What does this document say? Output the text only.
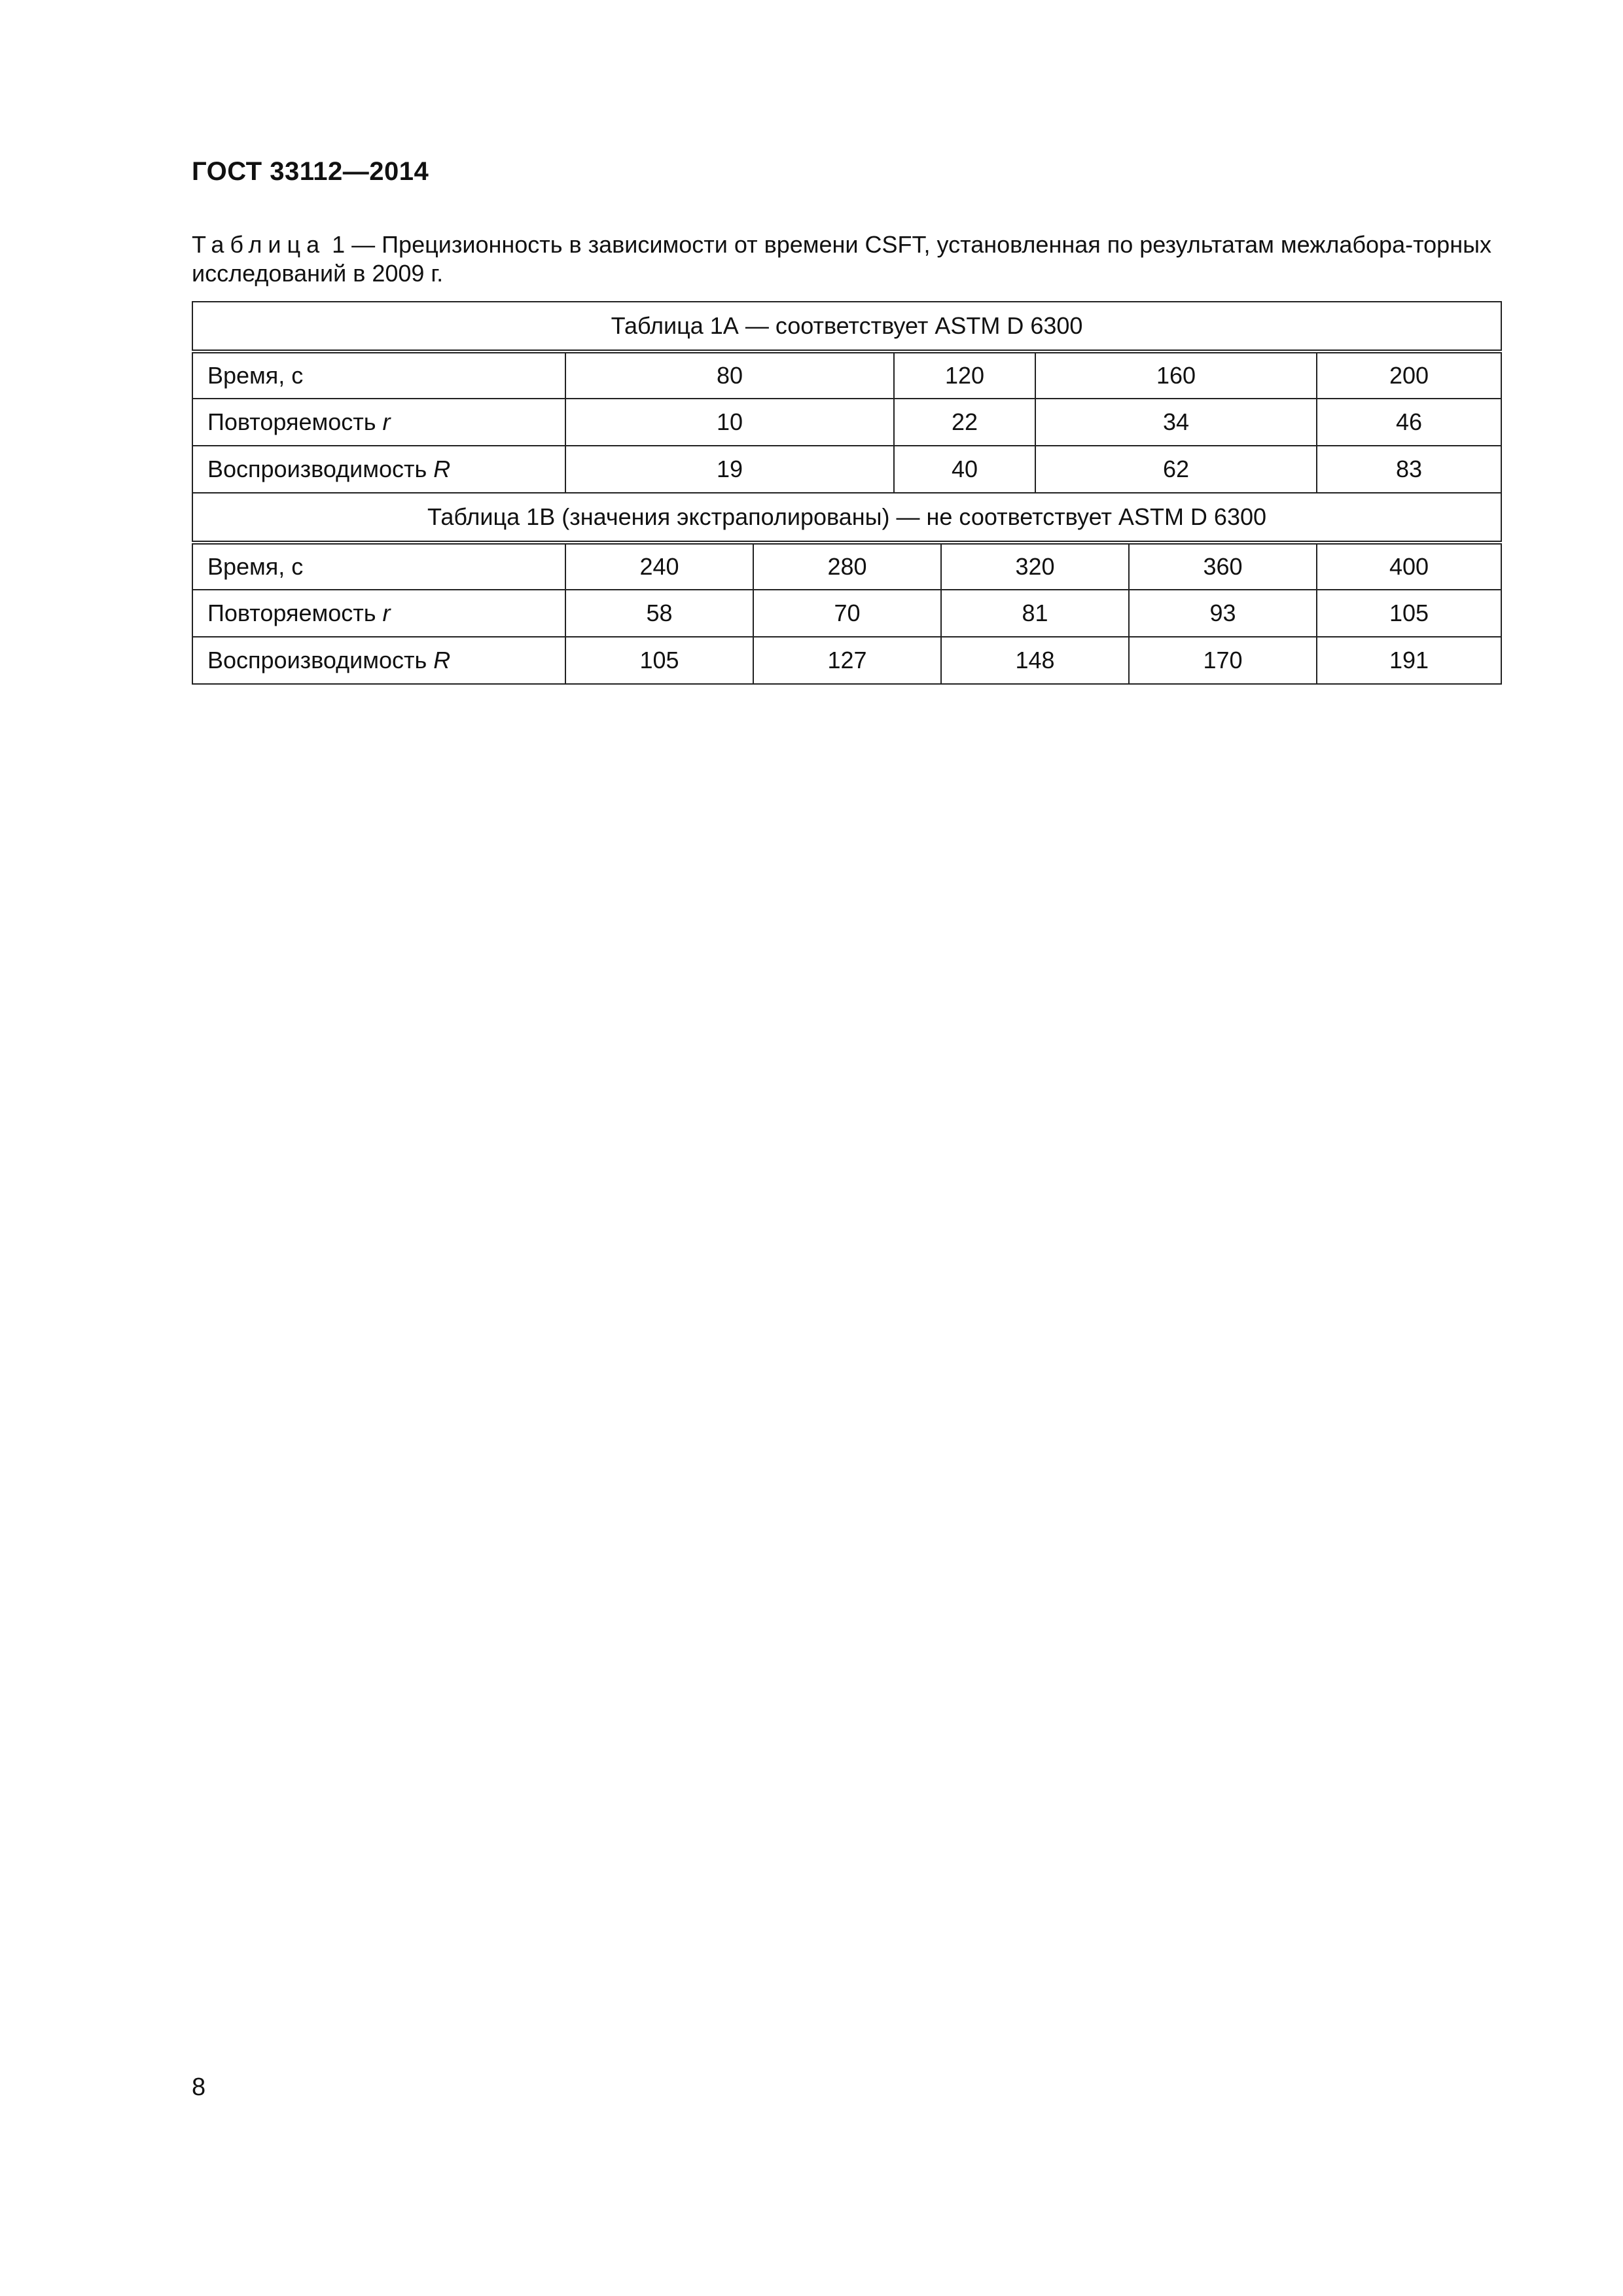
ГОСТ 33112—2014
Таблица 1 — Прецизионность в зависимости от времени CSFT, установленная по результатам межлабора-торных исследований в 2009 г.
Таблица 1А — соответствует ASTM D 6300							
Время, с	80		120		160		200
Повторяемость r	10		22		34		46
Воспроизводимость R	19		40		62		83
Таблица 1В (значения экстраполированы) — не соответствует ASTM D 6300							
Время, с	240	280		320		360	400
Повторяемость r	58	70		81		93	105
Воспроизводимость R	105	127		148		170	191
8
